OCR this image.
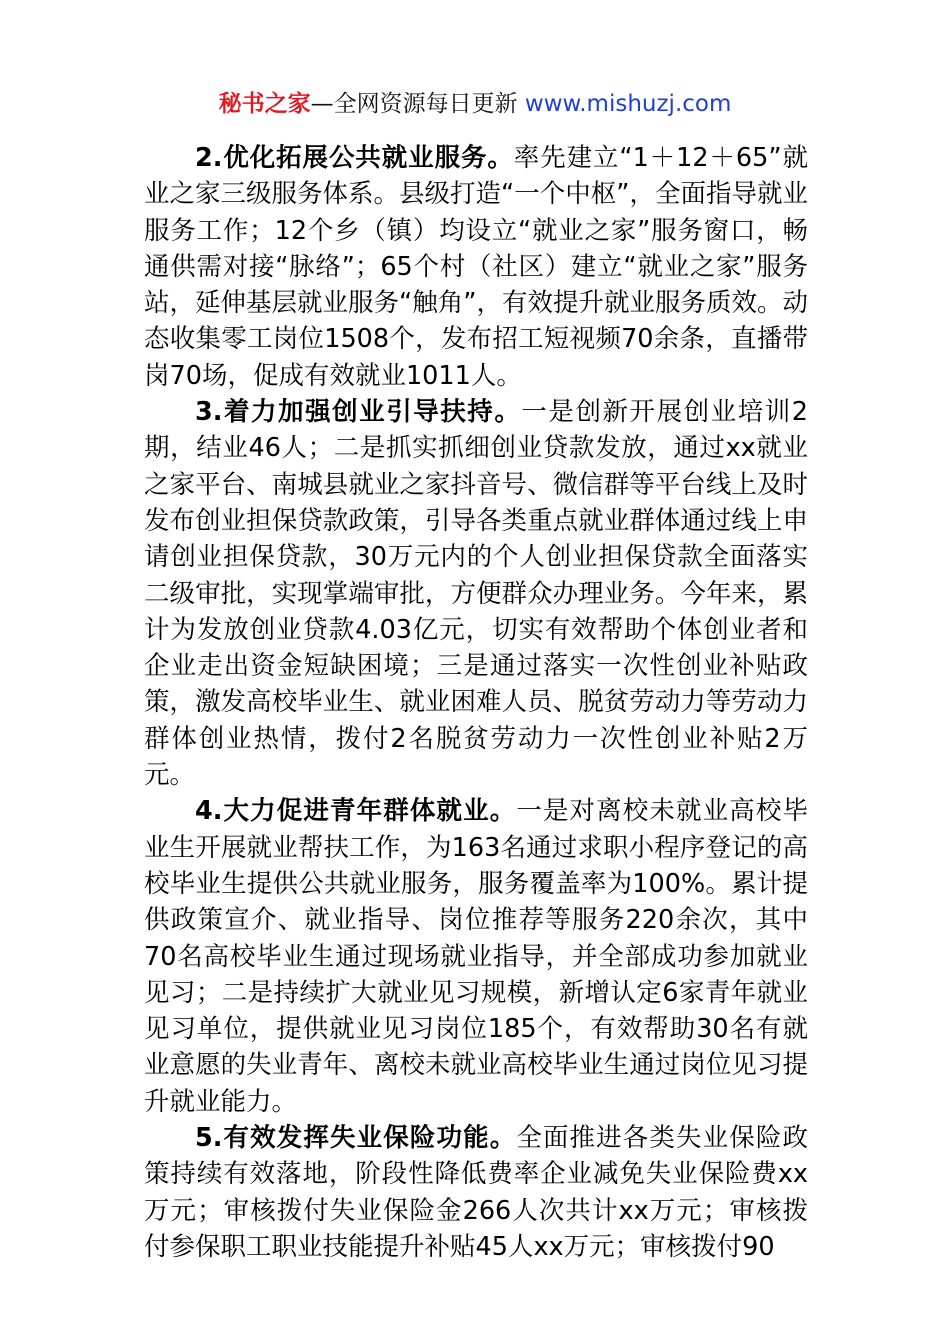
秘书之家—全网资源每日更新 www.mishuzj.com

2.优化拓展公共就业服务。率先建立“1＋12＋65”就业之家三级服务体系。县级打造“一个中枢”，全面指导就业服务工作；12个乡（镇）均设立“就业之家”服务窗口，畅通供需对接“脉络”；65个村（社区）建立“就业之家”服务站，延伸基层就业服务“触角”，有效提升就业服务质效。动态收集零工岗位1508个，发布招工短视频70余条，直播带岗70场，促成有效就业1011人。

3.着力加强创业引导扶持。一是创新开展创业培训2期，结业46人；二是抓实抓细创业贷款发放，通过xx就业之家平台、南城县就业之家抖音号、微信群等平台线上及时发布创业担保贷款政策，引导各类重点就业群体通过线上申请创业担保贷款，30万元内的个人创业担保贷款全面落实二级审批，实现掌端审批，方便群众办理业务。今年来，累计为发放创业贷款4.03亿元，切实有效帮助个体创业者和企业走出资金短缺困境；三是通过落实一次性创业补贴政策，激发高校毕业生、就业困难人员、脱贫劳动力等劳动力群体创业热情，拨付2名脱贫劳动力一次性创业补贴2万元。

4.大力促进青年群体就业。一是对离校未就业高校毕业生开展就业帮扶工作，为163名通过求职小程序登记的高校毕业生提供公共就业服务，服务覆盖率为100%。累计提供政策宣介、就业指导、岗位推荐等服务220余次，其中70名高校毕业生通过现场就业指导，并全部成功参加就业见习；二是持续扩大就业见习规模，新增认定6家青年就业见习单位，提供就业见习岗位185个，有效帮助30名有就业意愿的失业青年、离校未就业高校毕业生通过岗位见习提升就业能力。

5.有效发挥失业保险功能。全面推进各类失业保险政策持续有效落地，阶段性降低费率企业减免失业保险费xx万元；审核拨付失业保险金266人次共计xx万元；审核拨付参保职工职业技能提升补贴45人xx万元；审核拨付90
